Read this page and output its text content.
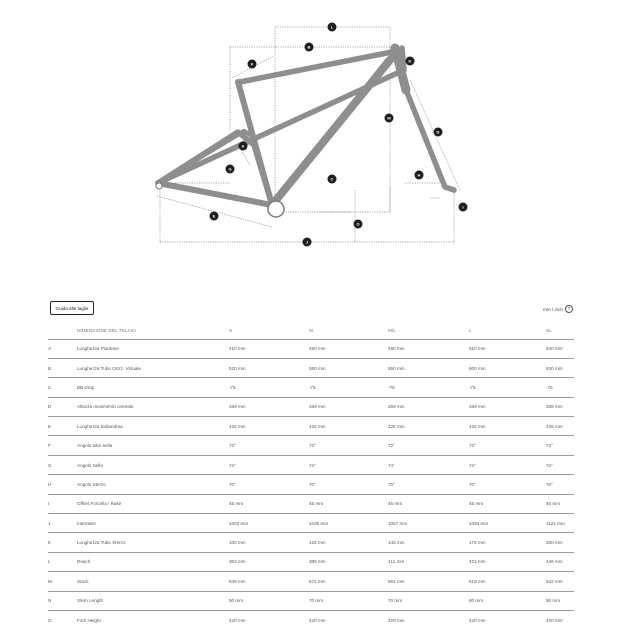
L
B
F
K
M
D
A
G
C
H
I
E
J
O
Guida alle taglie	mm / inch	?
	DIMENSIONE DEL TELAIO	S	M	M/L	L	XL
A	Lunghezza Piantone	410 mm	450 mm	480 mm	510 mm	540 mm
B	Lunghezza Tubo Orizz. Virtuale	520 mm	550 mm	550 mm	600 mm	630 mm
C	BB Drop	-75	-75	-75	-75	-75
D	Altezza movimento centrale	269 mm	269 mm	269 mm	269 mm	269 mm
E	Lunghezza Bollaridrea	425 mm	425 mm	425 mm	425 mm	425 mm
F	Angolo tubo sella	72°	72°	72°	72°	73°
G	Angolo Sella	74°	74°	74°	74°	74°
H	Angolo Sterzo	70°	70°	70°	70°	70°
I	Offset Forcella / Rake	45 mm	45 mm	45 mm	45 mm	45 mm
J	Interasse	1003 mm	1035 mm	1057 mm	1093 mm	1121 mm
K	Lunghezza Tubo Sterzo	100 mm	125 mm	145 mm	175 mm	200 mm
L	Reach	363 mm	386 mm	411 mm	422 mm	446 mm
M	Stack	549 mm	572 mm	591 mm	619 mm	642 mm
N	Stem Length	50 mm	70 mm	70 mm	80 mm	90 mm
O	Fork Height	420 mm	420 mm	420 mm	420 mm	420 mm
